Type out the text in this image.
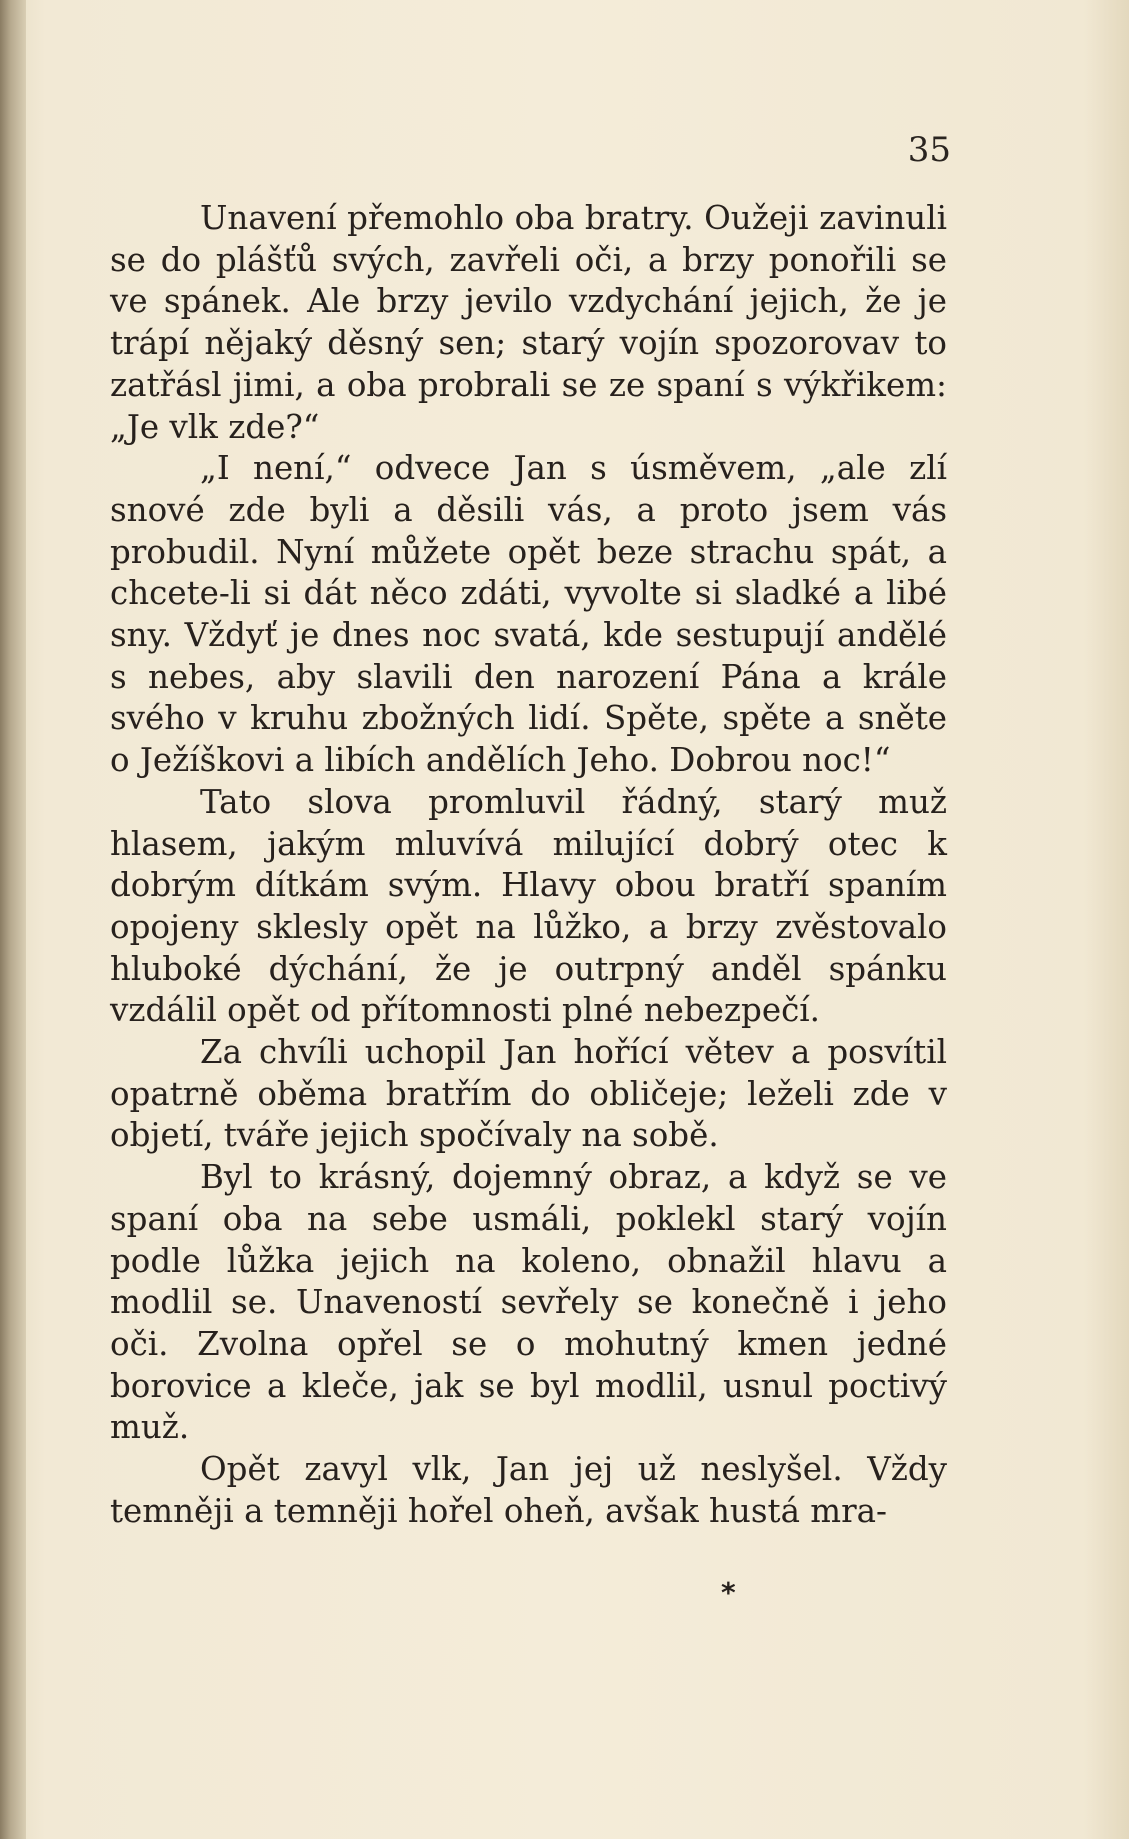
35

Unavení přemohlo oba bratry. Oužeji zavinuli se do plášťů svých, zavřeli oči, a brzy ponořili se ve spánek. Ale brzy jevilo vzdychání jejich, že je trápí nějaký děsný sen; starý vojín spozorovav to zatřásl jimi, a oba probrali se ze spaní s výkřikem: „Je vlk zde?“

„I není,“ odvece Jan s úsměvem, „ale zlí snové zde byli a děsili vás, a proto jsem vás probudil. Nyní můžete opět beze strachu spát, a chcete-li si dát něco zdáti, vyvolte si sladké a libé sny. Vždyť je dnes noc svatá, kde sestupují andělé s nebes, aby slavili den narození Pána a krále svého v kruhu zbožných lidí. Spěte, spěte a sněte o Ježíškovi a libích andělích Jeho. Dobrou noc!“

Tato slova promluvil řádný, starý muž hlasem, jakým mluvívá milující dobrý otec k dobrým dítkám svým. Hlavy obou bratří spaním opojeny sklesly opět na lůžko, a brzy zvěstovalo hluboké dýchání, že je outrpný anděl spánku vzdálil opět od přítomnosti plné nebezpečí.

Za chvíli uchopil Jan hořící větev a posvítil opatrně oběma bratřím do obličeje; leželi zde v objetí, tváře jejich spočívaly na sobě.

Byl to krásný, dojemný obraz, a když se ve spaní oba na sebe usmáli, poklekl starý vojín podle lůžka jejich na koleno, obnažil hlavu a modlil se. Unaveností sevřely se konečně i jeho oči. Zvolna opřel se o mohutný kmen jedné borovice a kleče, jak se byl modlil, usnul poctivý muž.

Opět zavyl vlk, Jan jej už neslyšel. Vždy temněji a temněji hořel oheň, avšak hustá mra-

*
